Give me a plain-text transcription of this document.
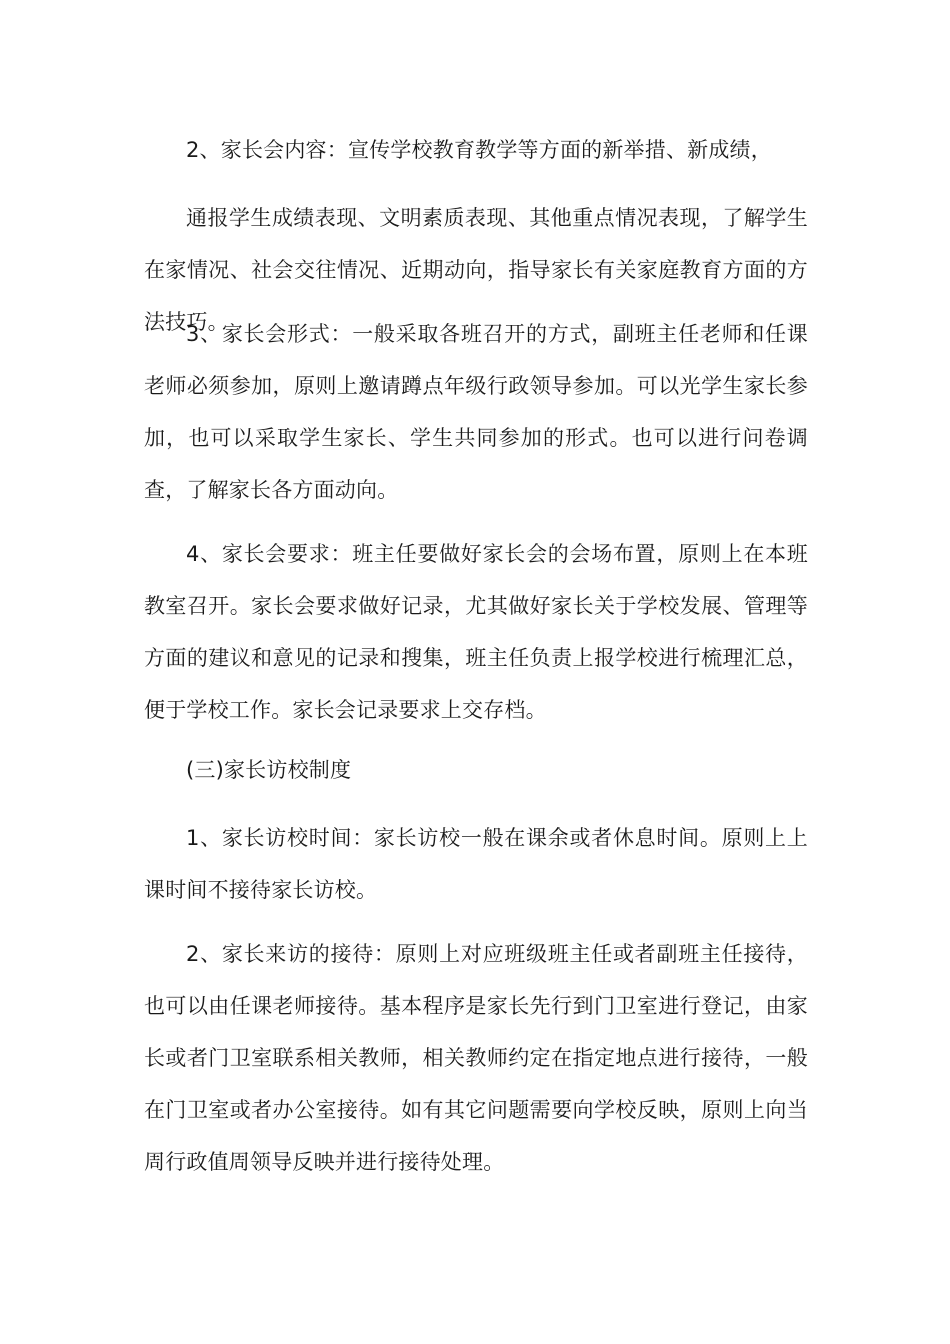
2、家长会内容：宣传学校教育教学等方面的新举措、新成绩，

通报学生成绩表现、文明素质表现、其他重点情况表现，了解学生在家情况、社会交往情况、近期动向，指导家长有关家庭教育方面的方法技巧。

3、家长会形式：一般采取各班召开的方式，副班主任老师和任课老师必须参加，原则上邀请蹲点年级行政领导参加。可以光学生家长参加，也可以采取学生家长、学生共同参加的形式。也可以进行问卷调查，了解家长各方面动向。

4、家长会要求：班主任要做好家长会的会场布置，原则上在本班教室召开。家长会要求做好记录，尤其做好家长关于学校发展、管理等方面的建议和意见的记录和搜集，班主任负责上报学校进行梳理汇总，便于学校工作。家长会记录要求上交存档。

(三)家长访校制度

1、家长访校时间：家长访校一般在课余或者休息时间。原则上上课时间不接待家长访校。

2、家长来访的接待：原则上对应班级班主任或者副班主任接待，也可以由任课老师接待。基本程序是家长先行到门卫室进行登记，由家长或者门卫室联系相关教师，相关教师约定在指定地点进行接待，一般在门卫室或者办公室接待。如有其它问题需要向学校反映，原则上向当周行政值周领导反映并进行接待处理。
